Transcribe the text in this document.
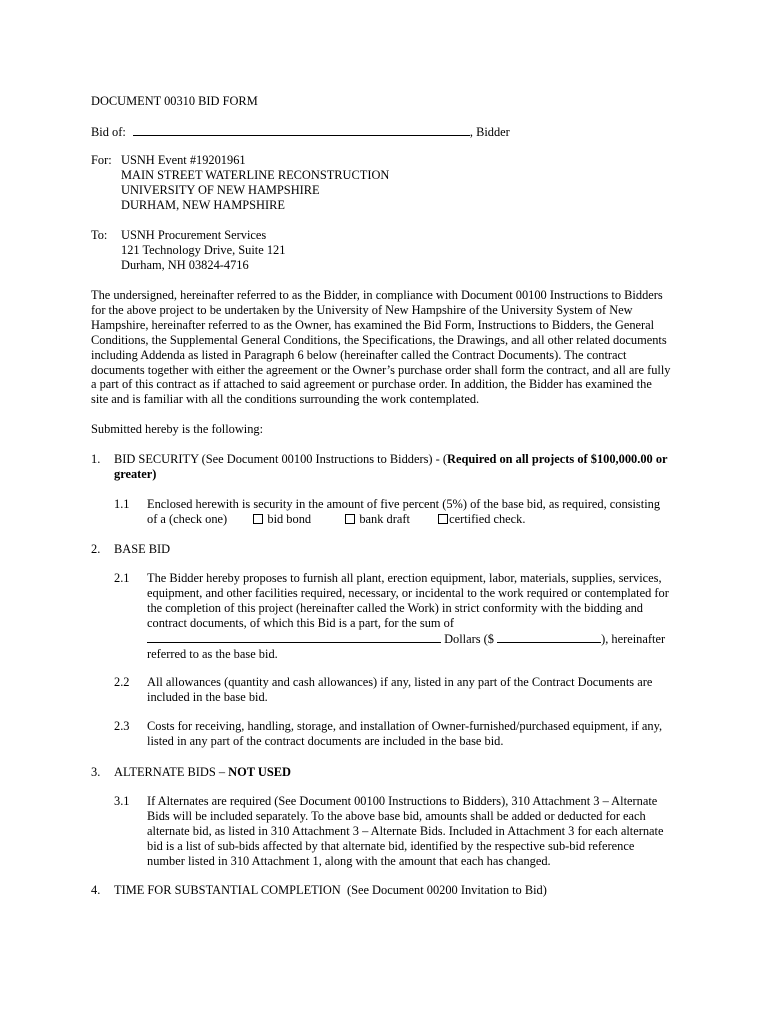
DOCUMENT 00310 BID FORM
Bid of:	, Bidder
For: USNH Event #19201961
MAIN STREET WATERLINE RECONSTRUCTION
UNIVERSITY OF NEW HAMPSHIRE
DURHAM, NEW HAMPSHIRE
To: USNH Procurement Services
121 Technology Drive, Suite 121
Durham, NH 03824-4716
The undersigned, hereinafter referred to as the Bidder, in compliance with Document 00100 Instructions to Bidders
for the above project to be undertaken by the University of New Hampshire of the University System of New
Hampshire, hereinafter referred to as the Owner, has examined the Bid Form, Instructions to Bidders, the General
Conditions, the Supplemental General Conditions, the Specifications, the Drawings, and all other related documents
including Addenda as listed in Paragraph 6 below (hereinafter called the Contract Documents). The contract
documents together with either the agreement or the Owner’s purchase order shall form the contract, and all are fully
a part of this contract as if attached to said agreement or purchase order. In addition, the Bidder has examined the
site and is familiar with all the conditions surrounding the work contemplated.
Submitted hereby is the following:
1. BID SECURITY (See Document 00100 Instructions to Bidders) - (Required on all projects of $100,000.00 or
greater)
1.1 Enclosed herewith is security in the amount of five percent (5%) of the base bid, as required, consisting
of a (check one)	bid bond	bank draft	certified check.
2. BASE BID
2.1 The Bidder hereby proposes to furnish all plant, erection equipment, labor, materials, supplies, services,
equipment, and other facilities required, necessary, or incidental to the work required or contemplated for
the completion of this project (hereinafter called the Work) in strict conformity with the bidding and
contract documents, of which this Bid is a part, for the sum of
Dollars ($	), hereinafter
referred to as the base bid.
2.2 All allowances (quantity and cash allowances) if any, listed in any part of the Contract Documents are
included in the base bid.
2.3 Costs for receiving, handling, storage, and installation of Owner-furnished/purchased equipment, if any,
listed in any part of the contract documents are included in the base bid.
3. ALTERNATE BIDS – NOT USED
3.1 If Alternates are required (See Document 00100 Instructions to Bidders), 310 Attachment 3 – Alternate
Bids will be included separately. To the above base bid, amounts shall be added or deducted for each
alternate bid, as listed in 310 Attachment 3 – Alternate Bids. Included in Attachment 3 for each alternate
bid is a list of sub-bids affected by that alternate bid, identified by the respective sub-bid reference
number listed in 310 Attachment 1, along with the amount that each has changed.
4. TIME FOR SUBSTANTIAL COMPLETION  (See Document 00200 Invitation to Bid)
